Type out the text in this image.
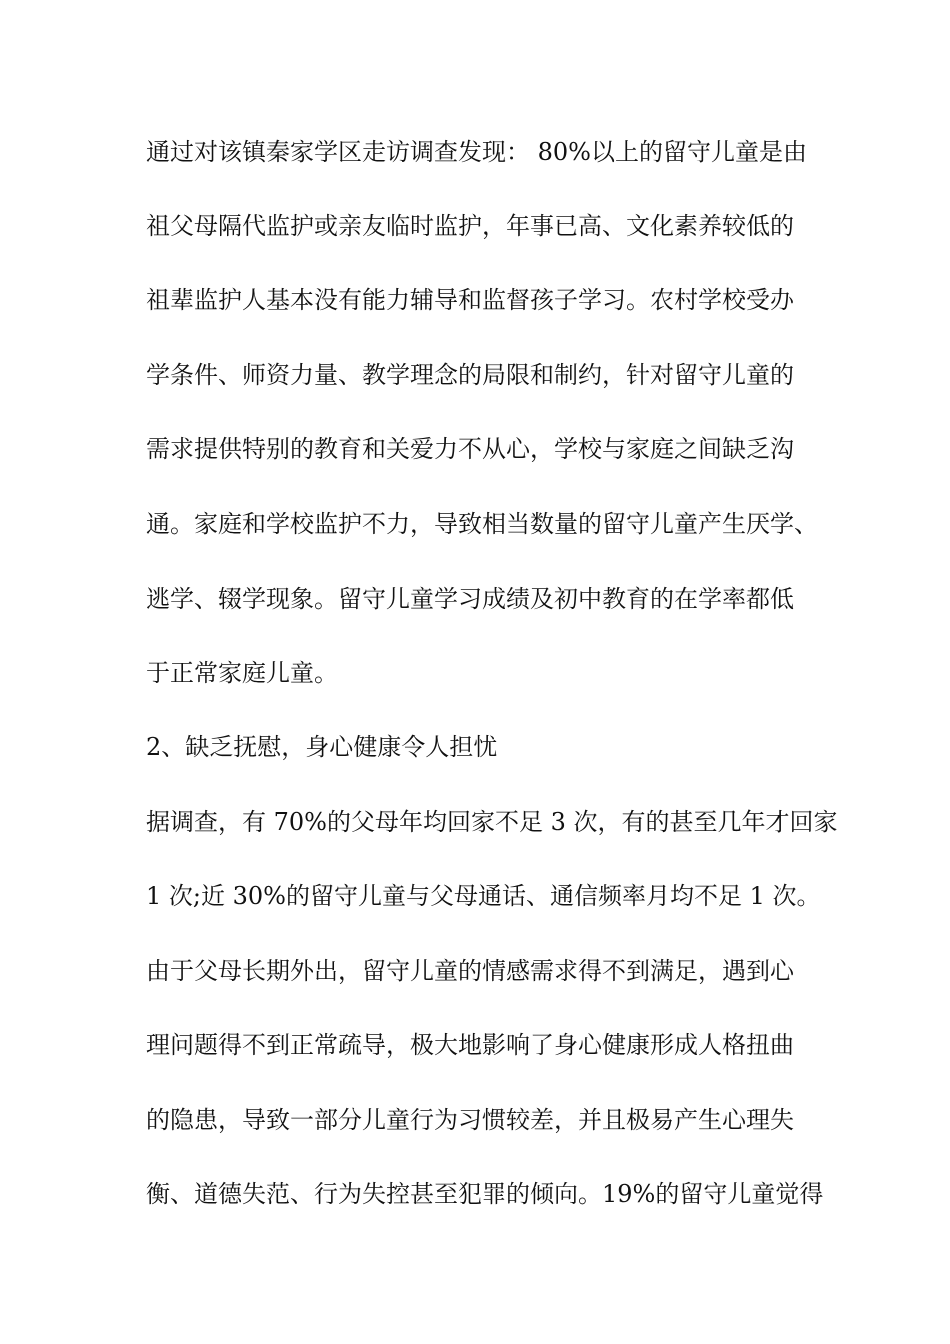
通过对该镇秦家学区走访调查发现： 80%以上的留守儿童是由

祖父母隔代监护或亲友临时监护，年事已高、文化素养较低的

祖辈监护人基本没有能力辅导和监督孩子学习。农村学校受办

学条件、师资力量、教学理念的局限和制约，针对留守儿童的

需求提供特别的教育和关爱力不从心，学校与家庭之间缺乏沟

通。家庭和学校监护不力，导致相当数量的留守儿童产生厌学、

逃学、辍学现象。留守儿童学习成绩及初中教育的在学率都低

于正常家庭儿童。

2、缺乏抚慰，身心健康令人担忧

据调查，有 70%的父母年均回家不足 3 次，有的甚至几年才回家

1 次;近 30%的留守儿童与父母通话、通信频率月均不足 1 次。

由于父母长期外出，留守儿童的情感需求得不到满足，遇到心

理问题得不到正常疏导，极大地影响了身心健康形成人格扭曲

的隐患，导致一部分儿童行为习惯较差，并且极易产生心理失

衡、道德失范、行为失控甚至犯罪的倾向。19%的留守儿童觉得
